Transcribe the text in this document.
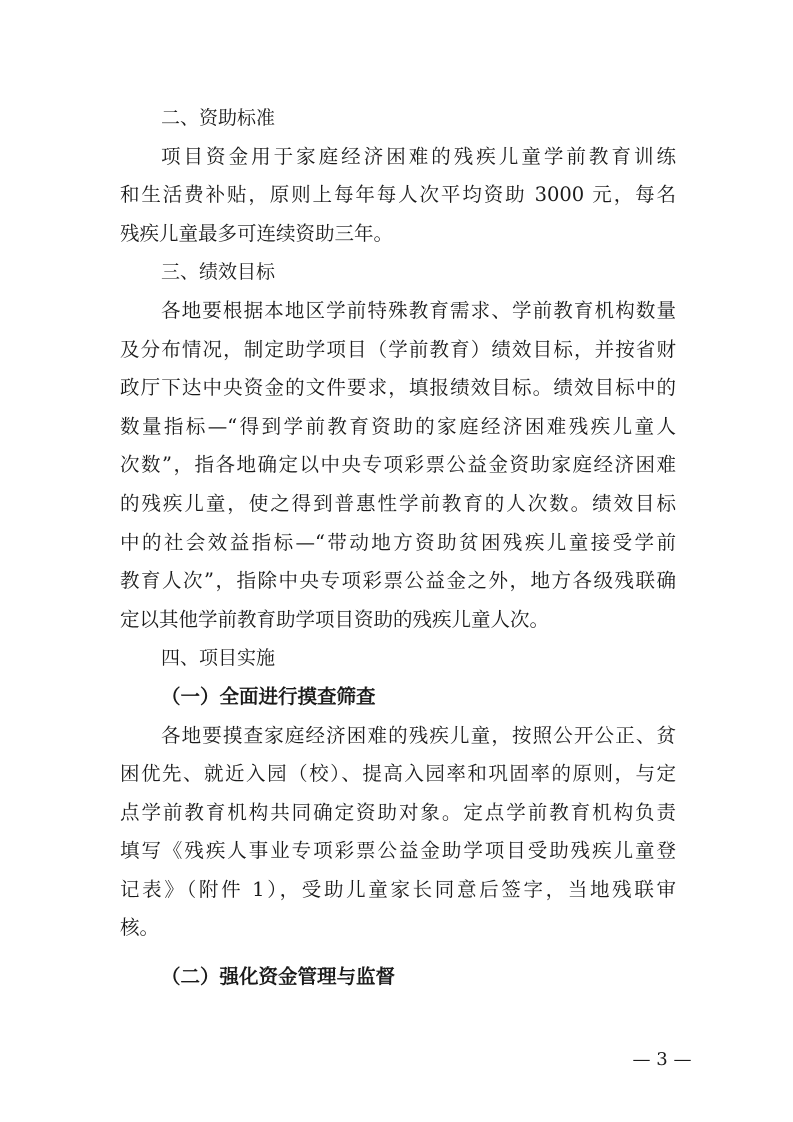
二、资助标准
项目资金用于家庭经济困难的残疾儿童学前教育训练
和生活费补贴，原则上每年每人次平均资助 3000 元，每名
残疾儿童最多可连续资助三年。
三、绩效目标
各地要根据本地区学前特殊教育需求、学前教育机构数量
及分布情况，制定助学项目（学前教育）绩效目标，并按省财
政厅下达中央资金的文件要求，填报绩效目标。绩效目标中的
数量指标—“得到学前教育资助的家庭经济困难残疾儿童人
次数”，指各地确定以中央专项彩票公益金资助家庭经济困难
的残疾儿童，使之得到普惠性学前教育的人次数。绩效目标
中的社会效益指标—“带动地方资助贫困残疾儿童接受学前
教育人次”，指除中央专项彩票公益金之外，地方各级残联确
定以其他学前教育助学项目资助的残疾儿童人次。
四、项目实施
（一）全面进行摸查筛查
各地要摸查家庭经济困难的残疾儿童，按照公开公正、贫
困优先、就近入园（校）、提高入园率和巩固率的原则，与定
点学前教育机构共同确定资助对象。定点学前教育机构负责
填写《残疾人事业专项彩票公益金助学项目受助残疾儿童登
记表》（附件 1），受助儿童家长同意后签字，当地残联审
核。
（二）强化资金管理与监督
— 3 —
